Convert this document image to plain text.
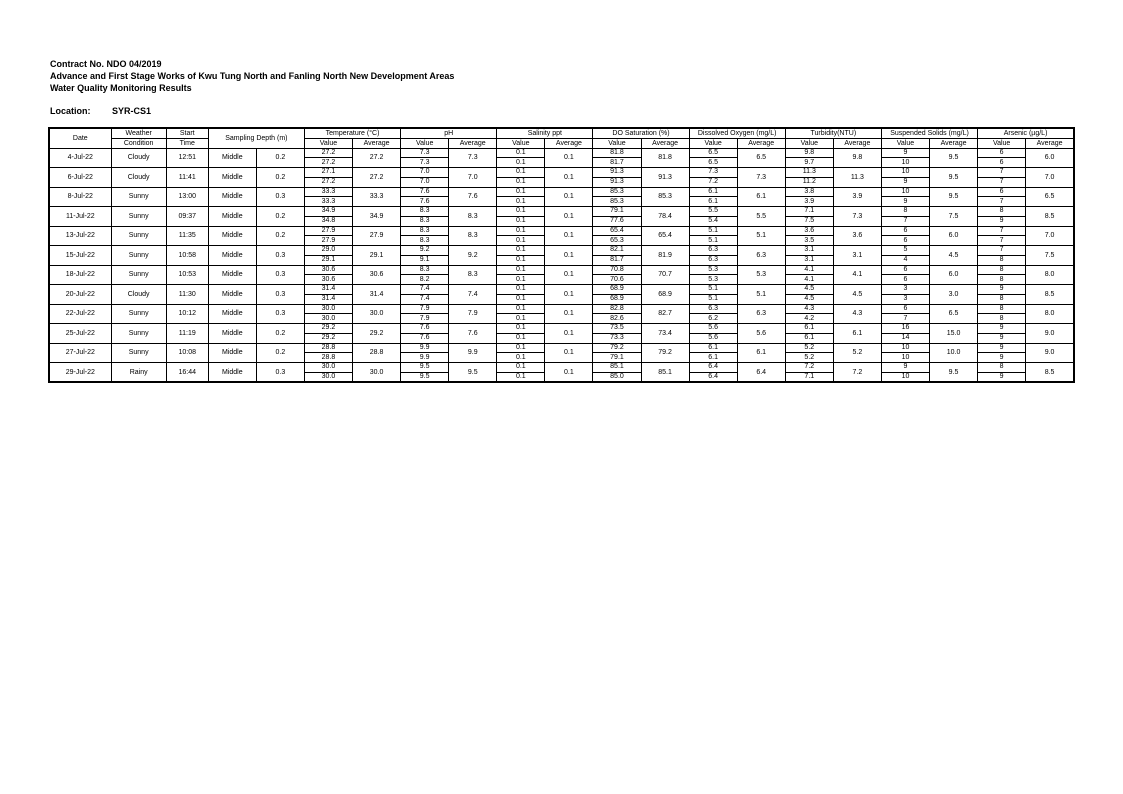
Contract No. NDO 04/2019
Advance and First Stage Works of Kwu Tung North and Fanling North New Development Areas
Water Quality Monitoring Results
Location: SYR-CS1
Date	Weather	Start	Sampling Depth (m)		Temperature (°C)		pH		Salinity ppt		DO Saturation (%)		Dissolved Oxygen (mg/L)		Turbidity(NTU)		Suspended Solids (mg/L)		Arsenic (µg/L)	
	Condition	Time			Value	Average	Value	Average	Value	Average	Value	Average	Value	Average	Value	Average	Value	Average	Value	Average
4-Jul-22	Cloudy	12:51	Middle	0.2	27.2	27.2	7.3	7.3	0.1	0.1	81.8	81.8	6.5	6.5	9.8	9.8	9	9.5	6	6.0
					27.2		7.3		0.1		81.7		6.5		9.7		10		6	
6-Jul-22	Cloudy	11:41	Middle	0.2	27.1	27.2	7.0	7.0	0.1	0.1	91.3	91.3	7.3	7.3	11.3	11.3	10	9.5	7	7.0
					27.2		7.0		0.1		91.3		7.2		11.2		9		7	
8-Jul-22	Sunny	13:00	Middle	0.3	33.3	33.3	7.6	7.6	0.1	0.1	85.3	85.3	6.1	6.1	3.8	3.9	10	9.5	6	6.5
					33.3		7.6		0.1		85.3		6.1		3.9		9		7	
11-Jul-22	Sunny	09:37	Middle	0.2	34.9	34.9	8.3	8.3	0.1	0.1	79.1	78.4	5.5	5.5	7.1	7.3	8	7.5	8	8.5
					34.8		8.3		0.1		77.6		5.4		7.5		7		9	
13-Jul-22	Sunny	11:35	Middle	0.2	27.9	27.9	8.3	8.3	0.1	0.1	65.4	65.4	5.1	5.1	3.6	3.6	6	6.0	7	7.0
					27.9		8.3		0.1		65.3		5.1		3.5		6		7	
15-Jul-22	Sunny	10:58	Middle	0.3	29.0	29.1	9.2	9.2	0.1	0.1	82.1	81.9	6.3	6.3	3.1	3.1	5	4.5	7	7.5
					29.1		9.1		0.1		81.7		6.3		3.1		4		8	
18-Jul-22	Sunny	10:53	Middle	0.3	30.6	30.6	8.3	8.3	0.1	0.1	70.8	70.7	5.3	5.3	4.1	4.1	6	6.0	8	8.0
					30.6		8.2		0.1		70.6		5.3		4.1		6		8	
20-Jul-22	Cloudy	11:30	Middle	0.3	31.4	31.4	7.4	7.4	0.1	0.1	68.9	68.9	5.1	5.1	4.5	4.5	3	3.0	9	8.5
					31.4		7.4		0.1		68.9		5.1		4.5		3		8	
22-Jul-22	Sunny	10:12	Middle	0.3	30.0	30.0	7.9	7.9	0.1	0.1	82.8	82.7	6.3	6.3	4.3	4.3	6	6.5	8	8.0
					30.0		7.9		0.1		82.6		6.2		4.2		7		8	
25-Jul-22	Sunny	11:19	Middle	0.2	29.2	29.2	7.6	7.6	0.1	0.1	73.5	73.4	5.6	5.6	6.1	6.1	16	15.0	9	9.0
					29.2		7.6		0.1		73.3		5.6		6.1		14		9	
27-Jul-22	Sunny	10:08	Middle	0.2	28.8	28.8	9.9	9.9	0.1	0.1	79.2	79.2	6.1	6.1	5.2	5.2	10	10.0	9	9.0
					28.8		9.9		0.1		79.1		6.1		5.2		10		9	
29-Jul-22	Rainy	16:44	Middle	0.3	30.0	30.0	9.5	9.5	0.1	0.1	85.1	85.1	6.4	6.4	7.2	7.2	9	9.5	8	8.5
					30.0		9.5		0.1		85.0		6.4		7.1		10		9	
